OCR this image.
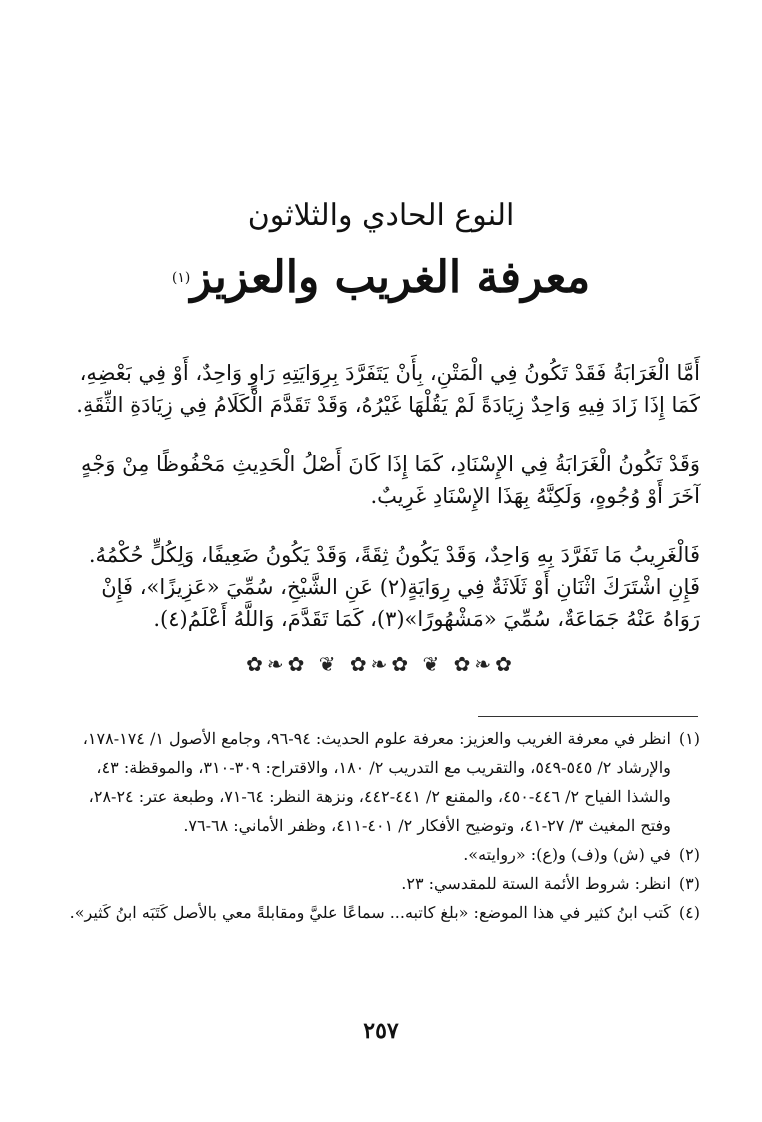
النوع الحادي والثلاثون
معرفة الغريب والعزيز$^{(١)}$

أَمَّا الْغَرَابَةُ فَقَدْ تَكُونُ فِي الْمَتْنِ، بِأَنْ يَتَفَرَّدَ بِرِوَايَتِهِ رَاوٍ وَاحِدٌ، أَوْ فِي بَعْضِهِ، كَمَا إِذَا زَادَ فِيهِ وَاحِدٌ زِيَادَةً لَمْ يَقُلْهَا غَيْرُهُ، وَقَدْ تَقَدَّمَ الْكَلَامُ فِي زِيَادَةِ الثِّقَةِ.

وَقَدْ تَكُونُ الْغَرَابَةُ فِي الإِسْنَادِ، كَمَا إِذَا كَانَ أَصْلُ الْحَدِيثِ مَحْفُوظًا مِنْ وَجْهٍ آخَرَ أَوْ وُجُوهٍ، وَلَكِنَّهُ بِهَذَا الإِسْنَادِ غَرِيبٌ.

فَالْغَرِيبُ مَا تَفَرَّدَ بِهِ وَاحِدٌ، وَقَدْ يَكُونُ ثِقَةً، وَقَدْ يَكُونُ ضَعِيفًا، وَلِكُلٍّ حُكْمُهُ. فَإِنِ اشْتَرَكَ اثْنَانِ أَوْ ثَلَاثَةٌ فِي رِوَايَةٍ(٢) عَنِ الشَّيْخِ، سُمِّيَ «عَزِيزًا»، فَإِنْ رَوَاهُ عَنْهُ جَمَاعَةٌ، سُمِّيَ «مَشْهُورًا»(٣)، كَمَا تَقَدَّمَ، وَاللَّهُ أَعْلَمُ(٤).

✿❧✿ ❦ ✿❧✿ ❦ ✿❧✿
(١)
انظر في معرفة الغريب والعزيز: معرفة علوم الحديث: ٩٤-٩٦، وجامع الأصول ١/ ١٧٤-١٧٨، والإرشاد ٢/ ٥٤٥-٥٤٩، والتقريب مع التدريب ٢/ ١٨٠، والاقتراح: ٣٠٩-٣١٠، والموقظة: ٤٣، والشذا الفياح ٢/ ٤٤٦-٤٥٠، والمقنع ٢/ ٤٤١-٤٤٢، ونزهة النظر: ٦٤-٧١، وطبعة عتر: ٢٤-٢٨، وفتح المغيث ٣/ ٢٧-٤١، وتوضيح الأفكار ٢/ ٤٠١-٤١١، وظفر الأماني: ٦٨-٧٦.
(٢)
في (ش) و(ف) و(ع): «روايته».
(٣)
انظر: شروط الأئمة الستة للمقدسي: ٢٣.
(٤)
كَتب ابنُ كثير في هذا الموضع: «بلغ كاتبه... سماعًا عليَّ ومقابلةً معي بالأصل كَتَبَه ابنُ كَثير».
٢٥٧
